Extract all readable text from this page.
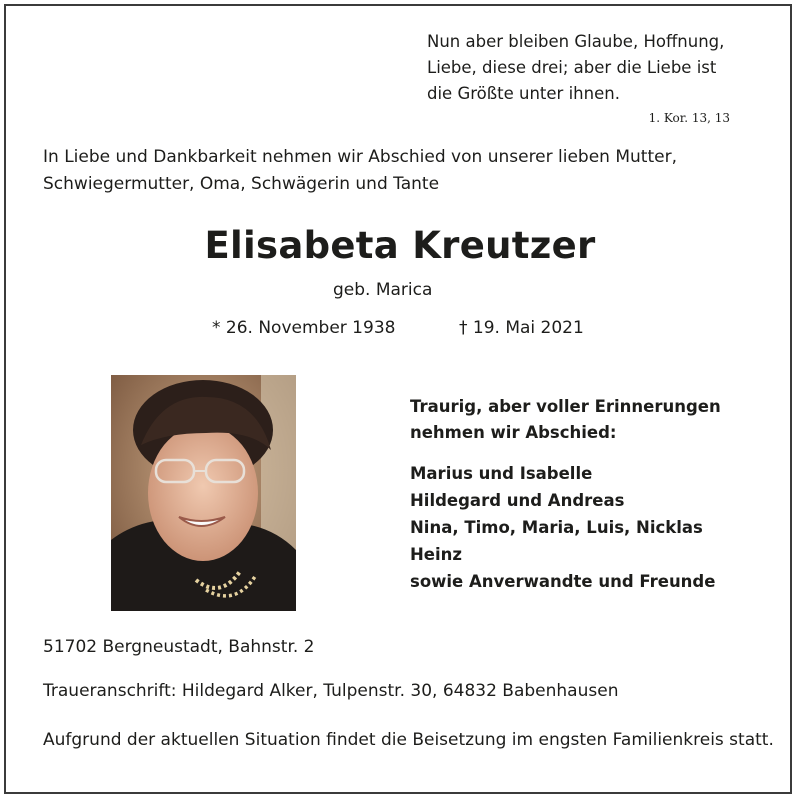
Nun aber bleiben Glaube, Hoffnung,
Liebe, diese drei; aber die Liebe ist
die Größte unter ihnen.
1. Kor. 13, 13
In Liebe und Dankbarkeit nehmen wir Abschied von unserer lieben Mutter, Schwiegermutter, Oma, Schwägerin und Tante
Elisabeta Kreutzer
geb. Marica
* 26. November 1938	† 19. Mai 2021
Traurig, aber voller Erinnerungen
nehmen wir Abschied:
Marius und Isabelle
Hildegard und Andreas
Nina, Timo, Maria, Luis, Nicklas
Heinz
sowie Anverwandte und Freunde
51702 Bergneustadt, Bahnstr. 2
Traueranschrift: Hildegard Alker, Tulpenstr. 30, 64832 Babenhausen
Aufgrund der aktuellen Situation findet die Beisetzung im engsten Familienkreis statt.
